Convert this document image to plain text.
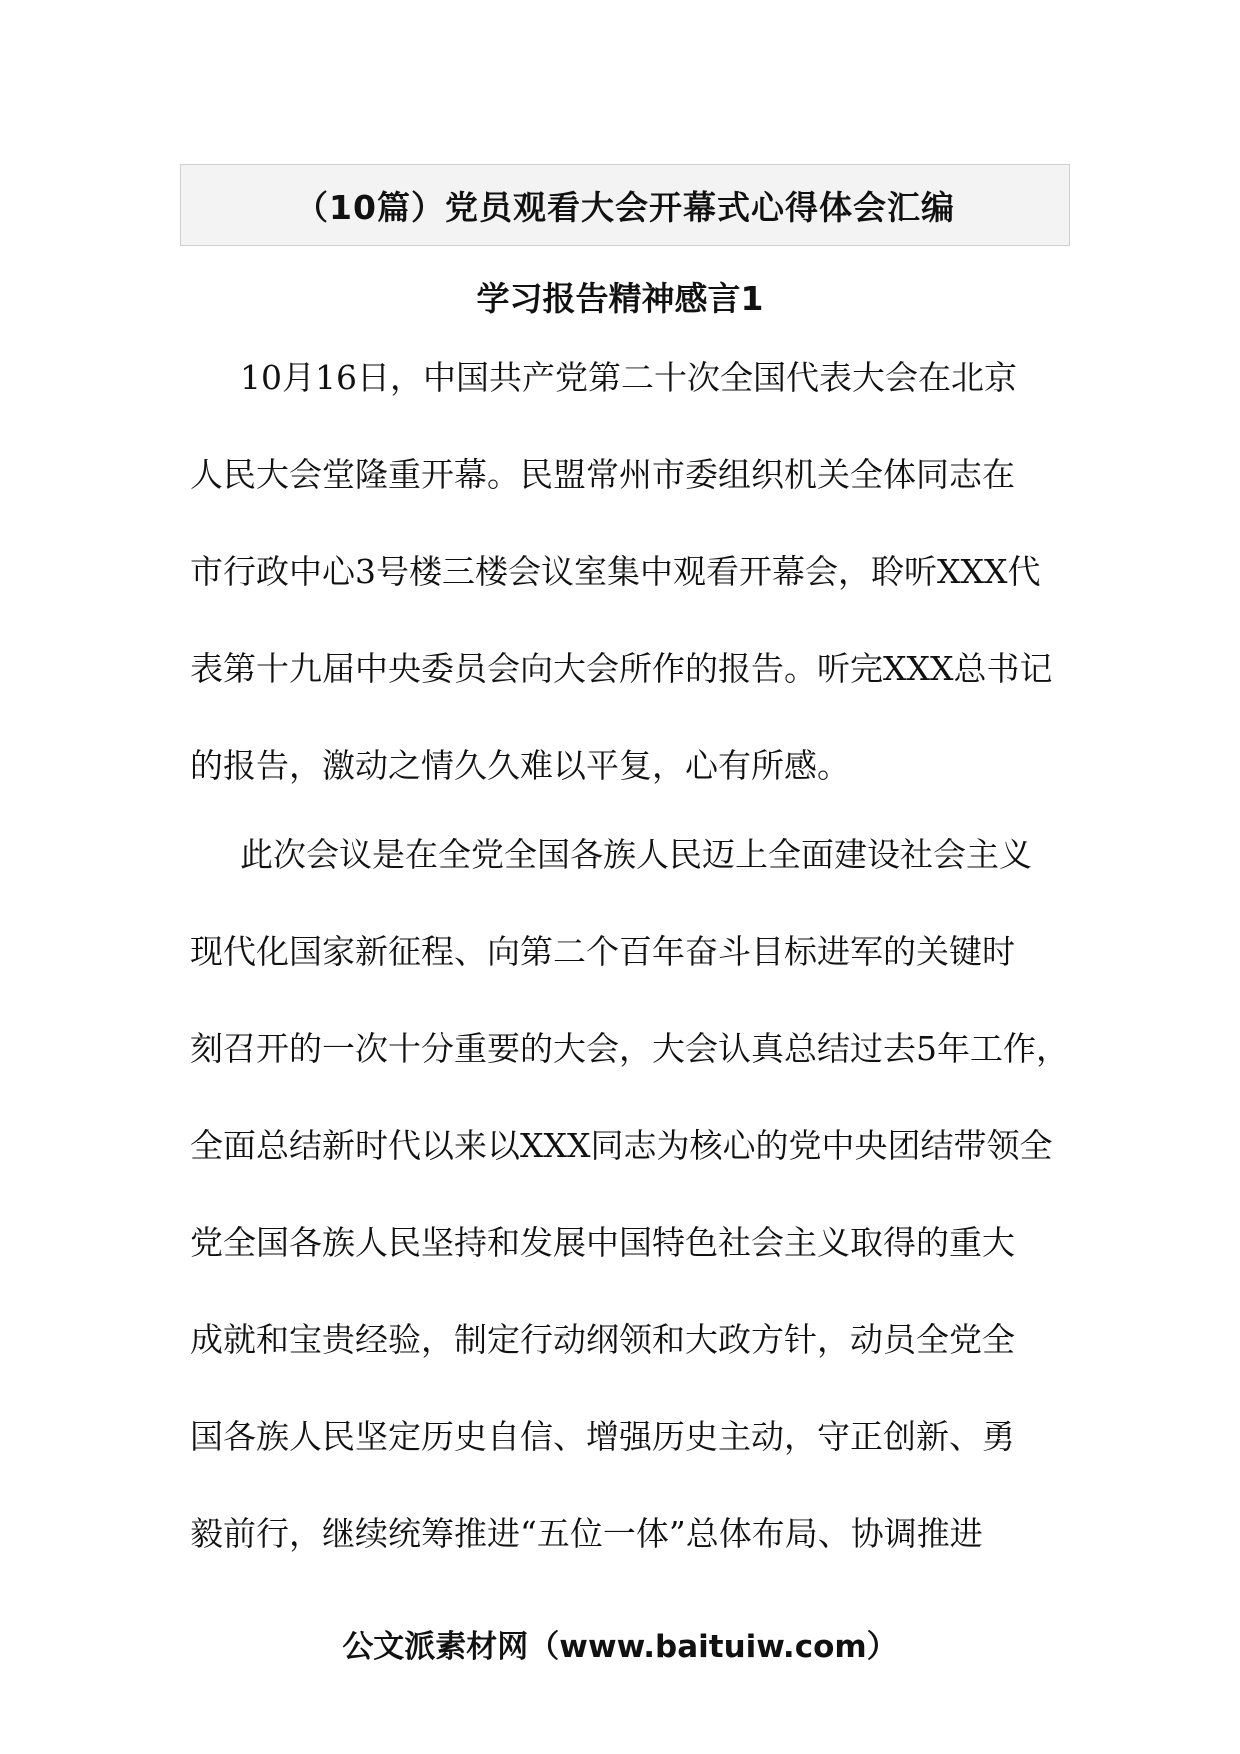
（10篇）党员观看大会开幕式心得体会汇编
学习报告精神感言1
10月16日，中国共产党第二十次全国代表大会在北京
人民大会堂隆重开幕。民盟常州市委组织机关全体同志在
市行政中心3号楼三楼会议室集中观看开幕会，聆听XXX代
表第十九届中央委员会向大会所作的报告。听完XXX总书记
的报告，激动之情久久难以平复，心有所感。
此次会议是在全党全国各族人民迈上全面建设社会主义
现代化国家新征程、向第二个百年奋斗目标进军的关键时
刻召开的一次十分重要的大会，大会认真总结过去5年工作，
全面总结新时代以来以XXX同志为核心的党中央团结带领全
党全国各族人民坚持和发展中国特色社会主义取得的重大
成就和宝贵经验，制定行动纲领和大政方针，动员全党全
国各族人民坚定历史自信、增强历史主动，守正创新、勇
毅前行，继续统筹推进“五位一体”总体布局、协调推进
公文派素材网（www.baituiw.com）
